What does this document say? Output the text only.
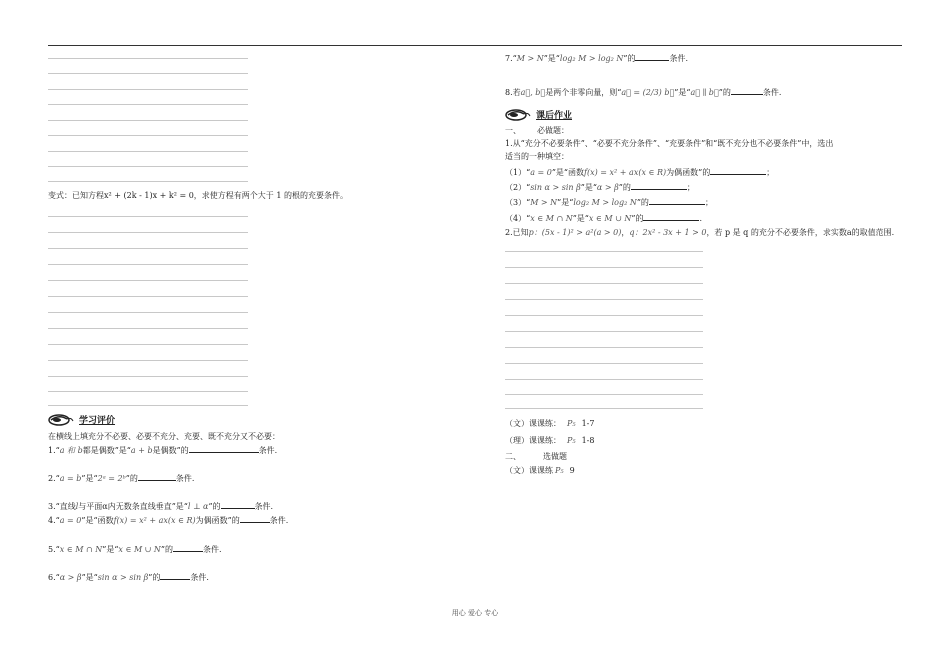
变式：已知方程x² + (2k - 1)x + k² = 0，求使方程有两个大于 1 的根的充要条件。
学习评价
在横线上填充分不必要、必要不充分、充要、既不充分又不必要：
1.“a 和 b都是偶数”是“a + b是偶数”的	条件.
2.“a = b”是“2ᵃ = 2ᵇ”的	条件.
3.“直线l与平面α内无数条直线垂直”是“l ⊥ α”的	条件.
4.“a = 0”是“函数f(x) = x² + ax(x ∈ R)为偶函数”的	条件.
5.“x ∈ M ∩ N”是“x ∈ M ∪ N”的	条件.
6.“α > β”是“sin α > sin β”的	条件.
7.“M > N”是“log₂ M > log₂ N”的	条件.
8.若a⃗, b⃗是两个非零向量，则“a⃗ = (2/3) b⃗”是“a⃗ ∥ b⃗”的	条件.
课后作业
一、 必做题：
1.从“充分不必要条件”、“必要不充分条件”、“充要条件”和“既不充分也不必要条件”中，选出
适当的一种填空：
（1）“a = 0”是“函数f(x) = x² + ax(x ∈ R)为偶函数”的	；
（2）“sin α > sin β”是“α > β”的	；
（3）“M > N”是“log₂ M > log₂ N”的	；
（4）“x ∈ M ∩ N”是“x ∈ M ∪ N”的	.
2.已知p：(5x - 1)² > a²(a > 0)，q：2x² - 3x + 1 > 0，若 p 是 q 的充分不必要条件，求实数a的取值范围.
（文）课课练： P₅ 1-7
（理）课课练： P₅ 1-8
二、	选做题
（文）课课练 P₅ 9
用心 爱心 专心
